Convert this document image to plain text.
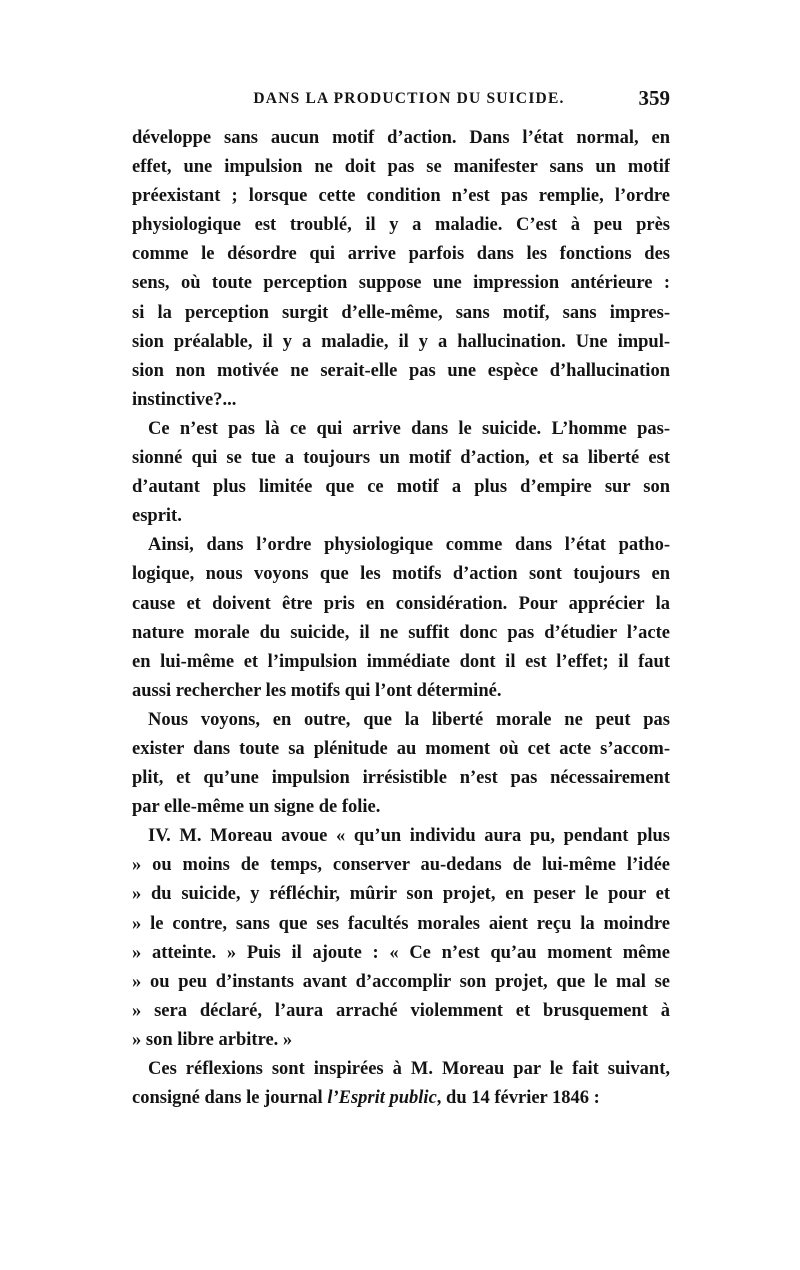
DANS LA PRODUCTION DU SUICIDE.	359
développe sans aucun motif d’action. Dans l’état normal, en
effet, une impulsion ne doit pas se manifester sans un motif
préexistant ; lorsque cette condition n’est pas remplie, l’ordre
physiologique est troublé, il y a maladie. C’est à peu près
comme le désordre qui arrive parfois dans les fonctions des
sens, où toute perception suppose une impression antérieure :
si la perception surgit d’elle-même, sans motif, sans impres-
sion préalable, il y a maladie, il y a hallucination. Une impul-
sion non motivée ne serait-elle pas une espèce d’hallucination
instinctive?...
Ce n’est pas là ce qui arrive dans le suicide. L’homme pas-
sionné qui se tue a toujours un motif d’action, et sa liberté est
d’autant plus limitée que ce motif a plus d’empire sur son
esprit.
Ainsi, dans l’ordre physiologique comme dans l’état patho-
logique, nous voyons que les motifs d’action sont toujours en
cause et doivent être pris en considération. Pour apprécier la
nature morale du suicide, il ne suffit donc pas d’étudier l’acte
en lui-même et l’impulsion immédiate dont il est l’effet; il faut
aussi rechercher les motifs qui l’ont déterminé.
Nous voyons, en outre, que la liberté morale ne peut pas
exister dans toute sa plénitude au moment où cet acte s’accom-
plit, et qu’une impulsion irrésistible n’est pas nécessairement
par elle-même un signe de folie.
IV. M. Moreau avoue « qu’un individu aura pu, pendant plus
» ou moins de temps, conserver au-dedans de lui-même l’idée
» du suicide, y réfléchir, mûrir son projet, en peser le pour et
» le contre, sans que ses facultés morales aient reçu la moindre
» atteinte. » Puis il ajoute : « Ce n’est qu’au moment même
» ou peu d’instants avant d’accomplir son projet, que le mal se
» sera déclaré, l’aura arraché violemment et brusquement à
» son libre arbitre. »
Ces réflexions sont inspirées à M. Moreau par le fait suivant,
consigné dans le journal l’Esprit public, du 14 février 1846 :
